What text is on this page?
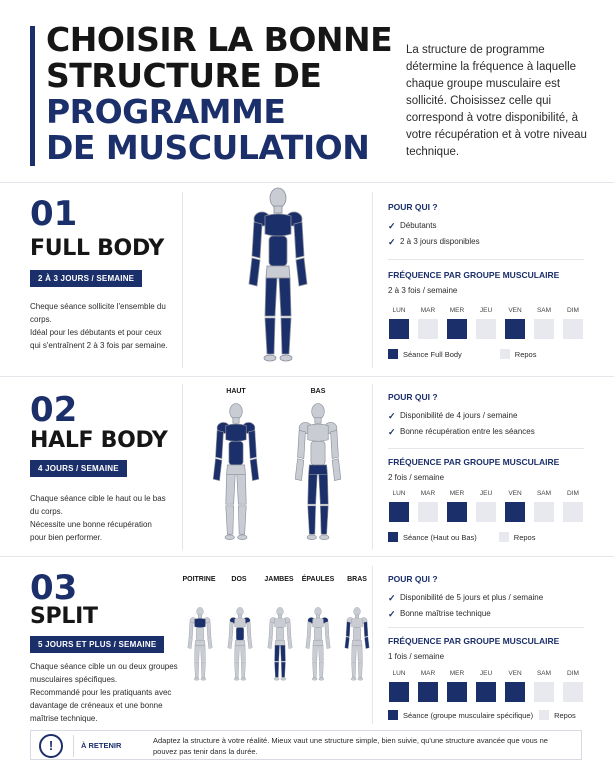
CHOISIR LA BONNE
STRUCTURE DE
PROGRAMME
DE MUSCULATION

La structure de programme détermine la fréquence à laquelle chaque groupe musculaire est sollicité. Choisissez celle qui correspond à votre disponibilité, à votre récupération et à votre niveau technique.

01
FULL BODY
2 À 3 JOURS / SEMAINE
Cheque séance sollicite l'ensemble du corps.
Idéal pour les débutants et pour ceux qui s'entraînent 2 à 3 fois par semaine.
POUR QUI ?
✓ Débutants
✓ 2 à 3 jours disponibles
FRÉQUENCE PAR GROUPE MUSCULAIRE
2 à 3 fois / semaine
LUN	MAR	MER	JEU	VEN	SAM	DIM
Séance Full Body	Repos
02
HALF BODY
4 JOURS / SEMAINE
Chaque séance cible le haut ou le bas du corps.
Nécessite une bonne récupération pour bien performer.
HAUT	BAS
POUR QUI ?
✓ Disponibilité de 4 jours / semaine
✓ Bonne récupération entre les séances
FRÉQUENCE PAR GROUPE MUSCULAIRE
2 fois / semaine
LUN	MAR	MER	JEU	VEN	SAM	DIM
Séance (Haut ou Bas)	Repos
03
SPLIT
5 JOURS ET PLUS / SEMAINE
Chaque séance cible un ou deux groupes musculaires spécifiques.
Recommandé pour les pratiquants avec davantage de créneaux et une bonne maîtrise technique.
POITRINE	DOS	JAMBES	ÉPAULES	BRAS	POUR QUI ?
✓ Disponibilité de 5 jours et plus / semaine
✓ Bonne maîtrise technique
FRÉQUENCE PAR GROUPE MUSCULAIRE
1 fois / semaine
LUN	MAR	MER	JEU	VEN	SAM	DIM
Séance (groupe musculaire spécifique)	Repos
!	À RETENIR
Adaptez la structure à votre réalité. Mieux vaut une structure simple, bien suivie, qu'une structure avancée que vous ne pouvez pas tenir dans la durée.
